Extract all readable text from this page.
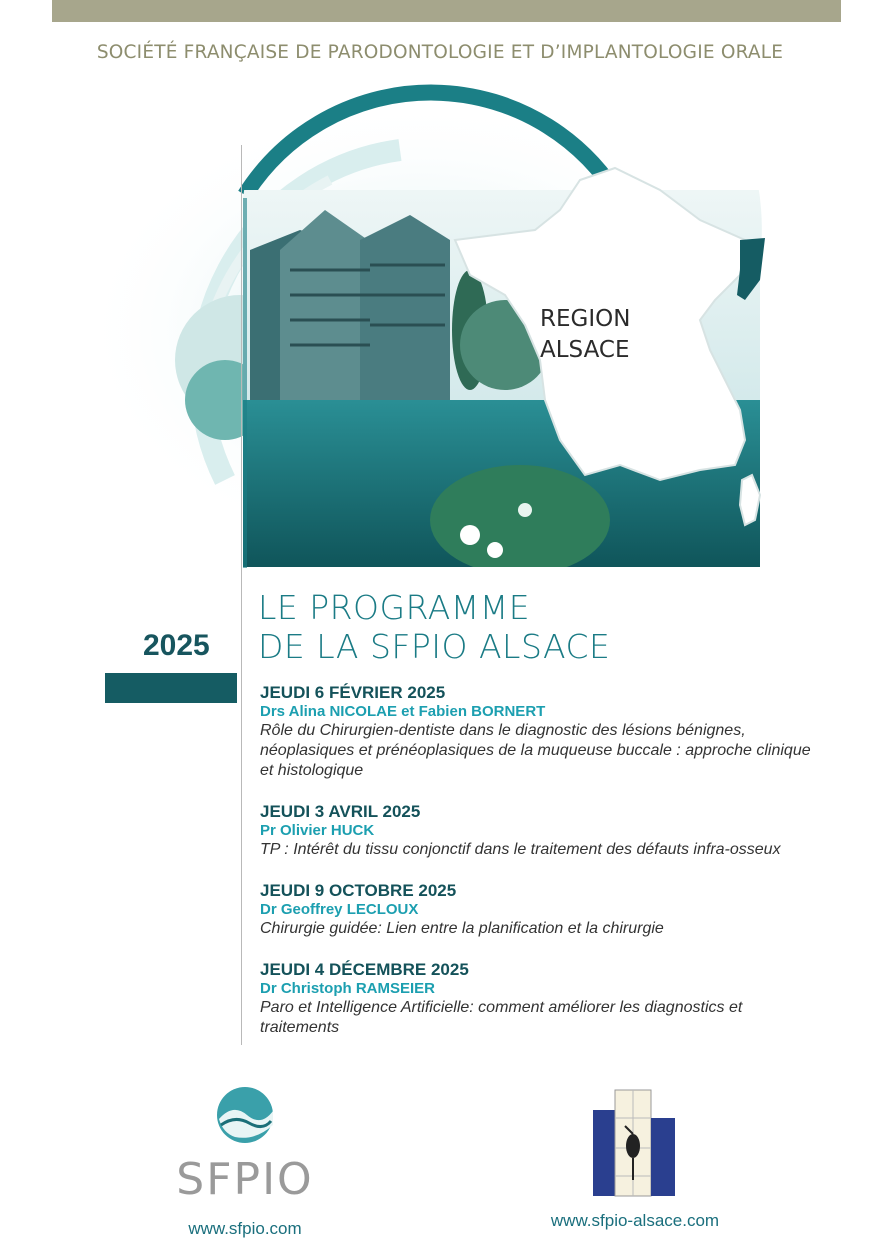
SOCIÉTÉ FRANÇAISE DE PARODONTOLOGIE ET D’IMPLANTOLOGIE ORALE
REGION
ALSACE
LE PROGRAMME
DE LA SFPIO ALSACE
2025
JEUDI 6 FÉVRIER 2025
Drs Alina NICOLAE et Fabien BORNERT
Rôle du Chirurgien-dentiste dans le diagnostic des lésions bénignes, néoplasiques et prénéoplasiques de la muqueuse buccale : approche clinique et histologique
JEUDI 3 AVRIL 2025
Pr Olivier HUCK
TP : Intérêt du tissu conjonctif dans le traitement des défauts infra-osseux
JEUDI 9 OCTOBRE 2025
Dr Geoffrey LECLOUX
Chirurgie guidée: Lien entre la planification et la chirurgie
JEUDI 4 DÉCEMBRE 2025
Dr Christoph RAMSEIER
Paro et Intelligence Artificielle: comment améliorer les diagnostics et traitements
SFPIO
www.sfpio.com	www.sfpio-alsace.com
